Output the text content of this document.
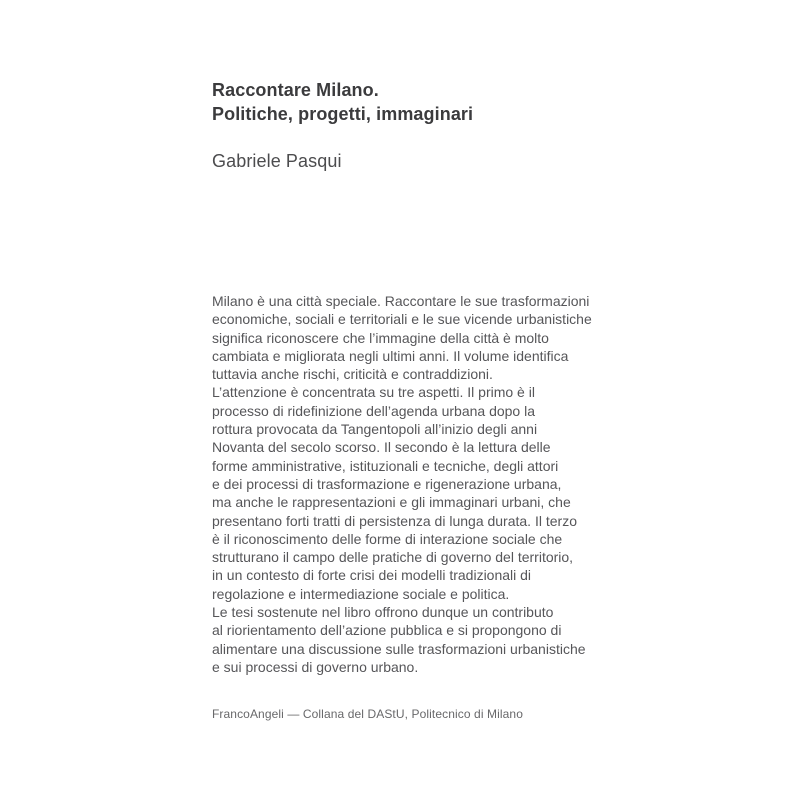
Raccontare Milano.
Politiche, progetti, immaginari
Gabriele Pasqui
Milano è una città speciale. Raccontare le sue trasformazioni
economiche, sociali e territoriali e le sue vicende urbanistiche
significa riconoscere che l’immagine della città è molto
cambiata e migliorata negli ultimi anni. Il volume identifica
tuttavia anche rischi, criticità e contraddizioni.
L’attenzione è concentrata su tre aspetti. Il primo è il
processo di ridefinizione dell’agenda urbana dopo la
rottura provocata da Tangentopoli all’inizio degli anni
Novanta del secolo scorso. Il secondo è la lettura delle
forme amministrative, istituzionali e tecniche, degli attori
e dei processi di trasformazione e rigenerazione urbana,
ma anche le rappresentazioni e gli immaginari urbani, che
presentano forti tratti di persistenza di lunga durata. Il terzo
è il riconoscimento delle forme di interazione sociale che
strutturano il campo delle pratiche di governo del territorio,
in un contesto di forte crisi dei modelli tradizionali di
regolazione e intermediazione sociale e politica.
Le tesi sostenute nel libro offrono dunque un contributo
al riorientamento dell’azione pubblica e si propongono di
alimentare una discussione sulle trasformazioni urbanistiche
e sui processi di governo urbano.
FrancoAngeli — Collana del DAStU, Politecnico di Milano
